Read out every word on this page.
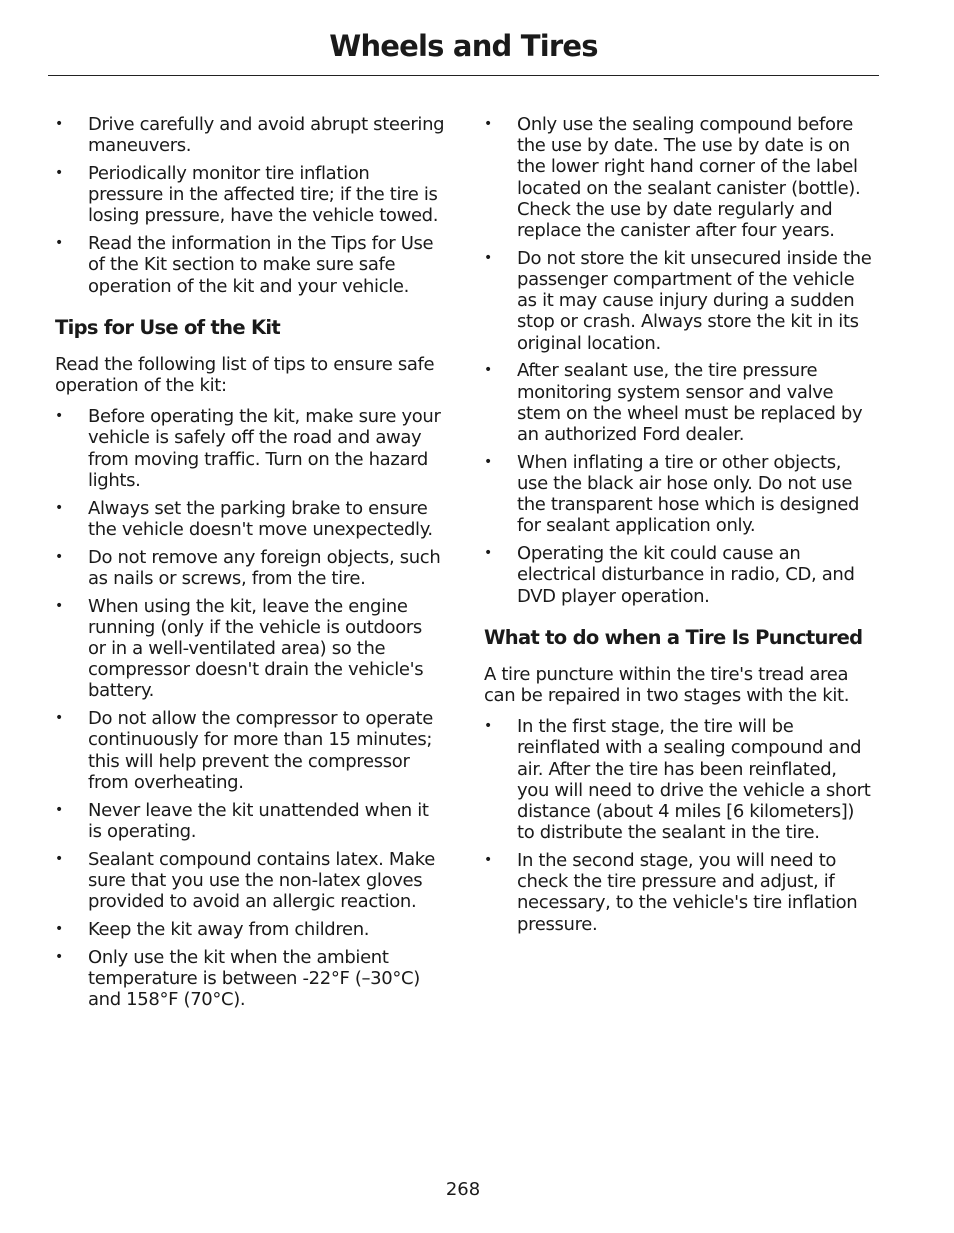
Wheels and Tires
• Drive carefully and avoid abrupt steering maneuvers.
• Periodically monitor tire inflation pressure in the affected tire; if the tire is losing pressure, have the vehicle towed.
• Read the information in the Tips for Use of the Kit section to make sure safe operation of the kit and your vehicle.
Tips for Use of the Kit

Read the following list of tips to ensure safe operation of the kit:

• Before operating the kit, make sure your vehicle is safely off the road and away from moving traffic. Turn on the hazard lights.
• Always set the parking brake to ensure the vehicle doesn't move unexpectedly.
• Do not remove any foreign objects, such as nails or screws, from the tire.
• When using the kit, leave the engine running (only if the vehicle is outdoors or in a well-ventilated area) so the compressor doesn't drain the vehicle's battery.
• Do not allow the compressor to operate continuously for more than 15 minutes; this will help prevent the compressor from overheating.
• Never leave the kit unattended when it is operating.
• Sealant compound contains latex. Make sure that you use the non-latex gloves provided to avoid an allergic reaction.
• Keep the kit away from children.
• Only use the kit when the ambient temperature is between -22°F (–30°C) and 158°F (70°C).
• Only use the sealing compound before the use by date. The use by date is on the lower right hand corner of the label located on the sealant canister (bottle). Check the use by date regularly and replace the canister after four years.
• Do not store the kit unsecured inside the passenger compartment of the vehicle as it may cause injury during a sudden stop or crash. Always store the kit in its original location.
• After sealant use, the tire pressure monitoring system sensor and valve stem on the wheel must be replaced by an authorized Ford dealer.
• When inflating a tire or other objects, use the black air hose only. Do not use the transparent hose which is designed for sealant application only.
• Operating the kit could cause an electrical disturbance in radio, CD, and DVD player operation.
What to do when a Tire Is Punctured

A tire puncture within the tire's tread area can be repaired in two stages with the kit.

• In the first stage, the tire will be reinflated with a sealing compound and air. After the tire has been reinflated, you will need to drive the vehicle a short distance (about 4 miles [6 kilometers]) to distribute the sealant in the tire.
• In the second stage, you will need to check the tire pressure and adjust, if necessary, to the vehicle's tire inflation pressure.
268
